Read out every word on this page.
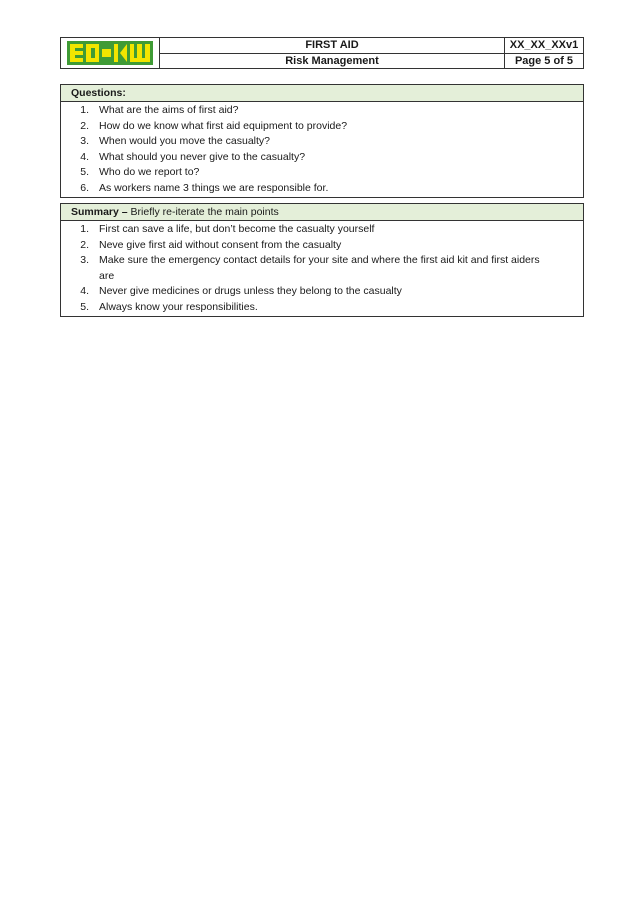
FIRST AID
Risk Management
XX_XX_XXv1
Page 5 of 5
Questions:
1. What are the aims of first aid?
2. How do we know what first aid equipment to provide?
3. When would you move the casualty?
4. What should you never give to the casualty?
5. Who do we report to?
6. As workers name 3 things we are responsible for.
Summary – Briefly re-iterate the main points
1. First can save a life, but don’t become the casualty yourself
2. Neve give first aid without consent from the casualty
3. Make sure the emergency contact details for your site and where the first aid kit and first aiders are
4. Never give medicines or drugs unless they belong to the casualty
5. Always know your responsibilities.
